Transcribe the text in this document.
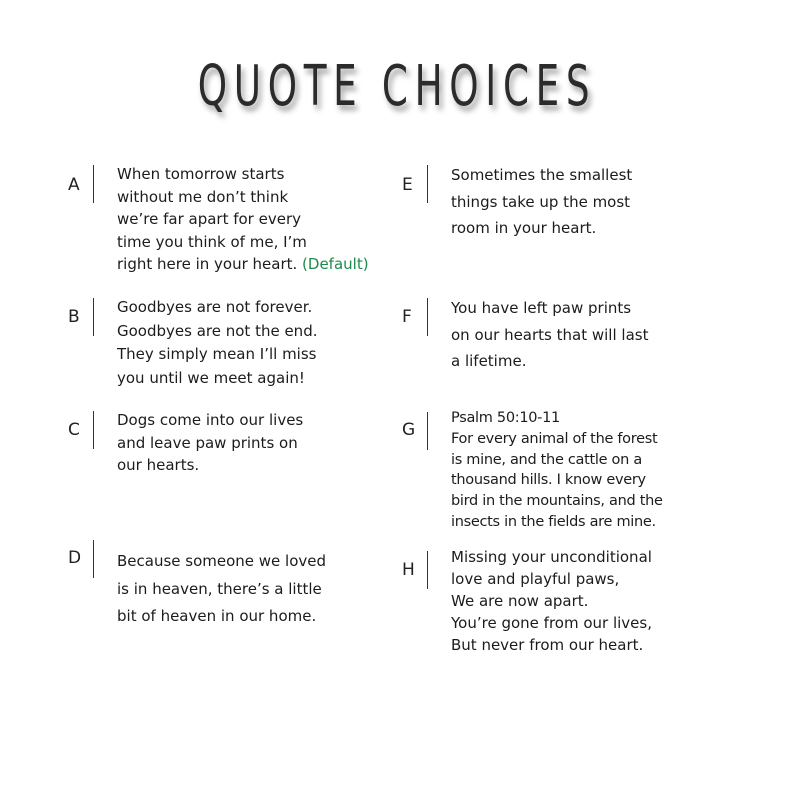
QUOTE CHOICES
A
When tomorrow starts
without me don’t think
we’re far apart for every
time you think of me, I’m
right here in your heart. (Default)
B	Goodbyes are not forever.
Goodbyes are not the end.
They simply mean I’ll miss
you until we meet again!
C	Dogs come into our lives
and leave paw prints on
our hearts.
D	Because someone we loved
is in heaven, there’s a little
bit of heaven in our home.
E	Sometimes the smallest
things take up the most
room in your heart.
F	You have left paw prints
on our hearts that will last
a lifetime.
G
Psalm 50:10-11
For every animal of the forest
is mine, and the cattle on a
thousand hills. I know every
bird in the mountains, and the
insects in the fields are mine.
H
Missing your unconditional
love and playful paws,
We are now apart.
You’re gone from our lives,
But never from our heart.
